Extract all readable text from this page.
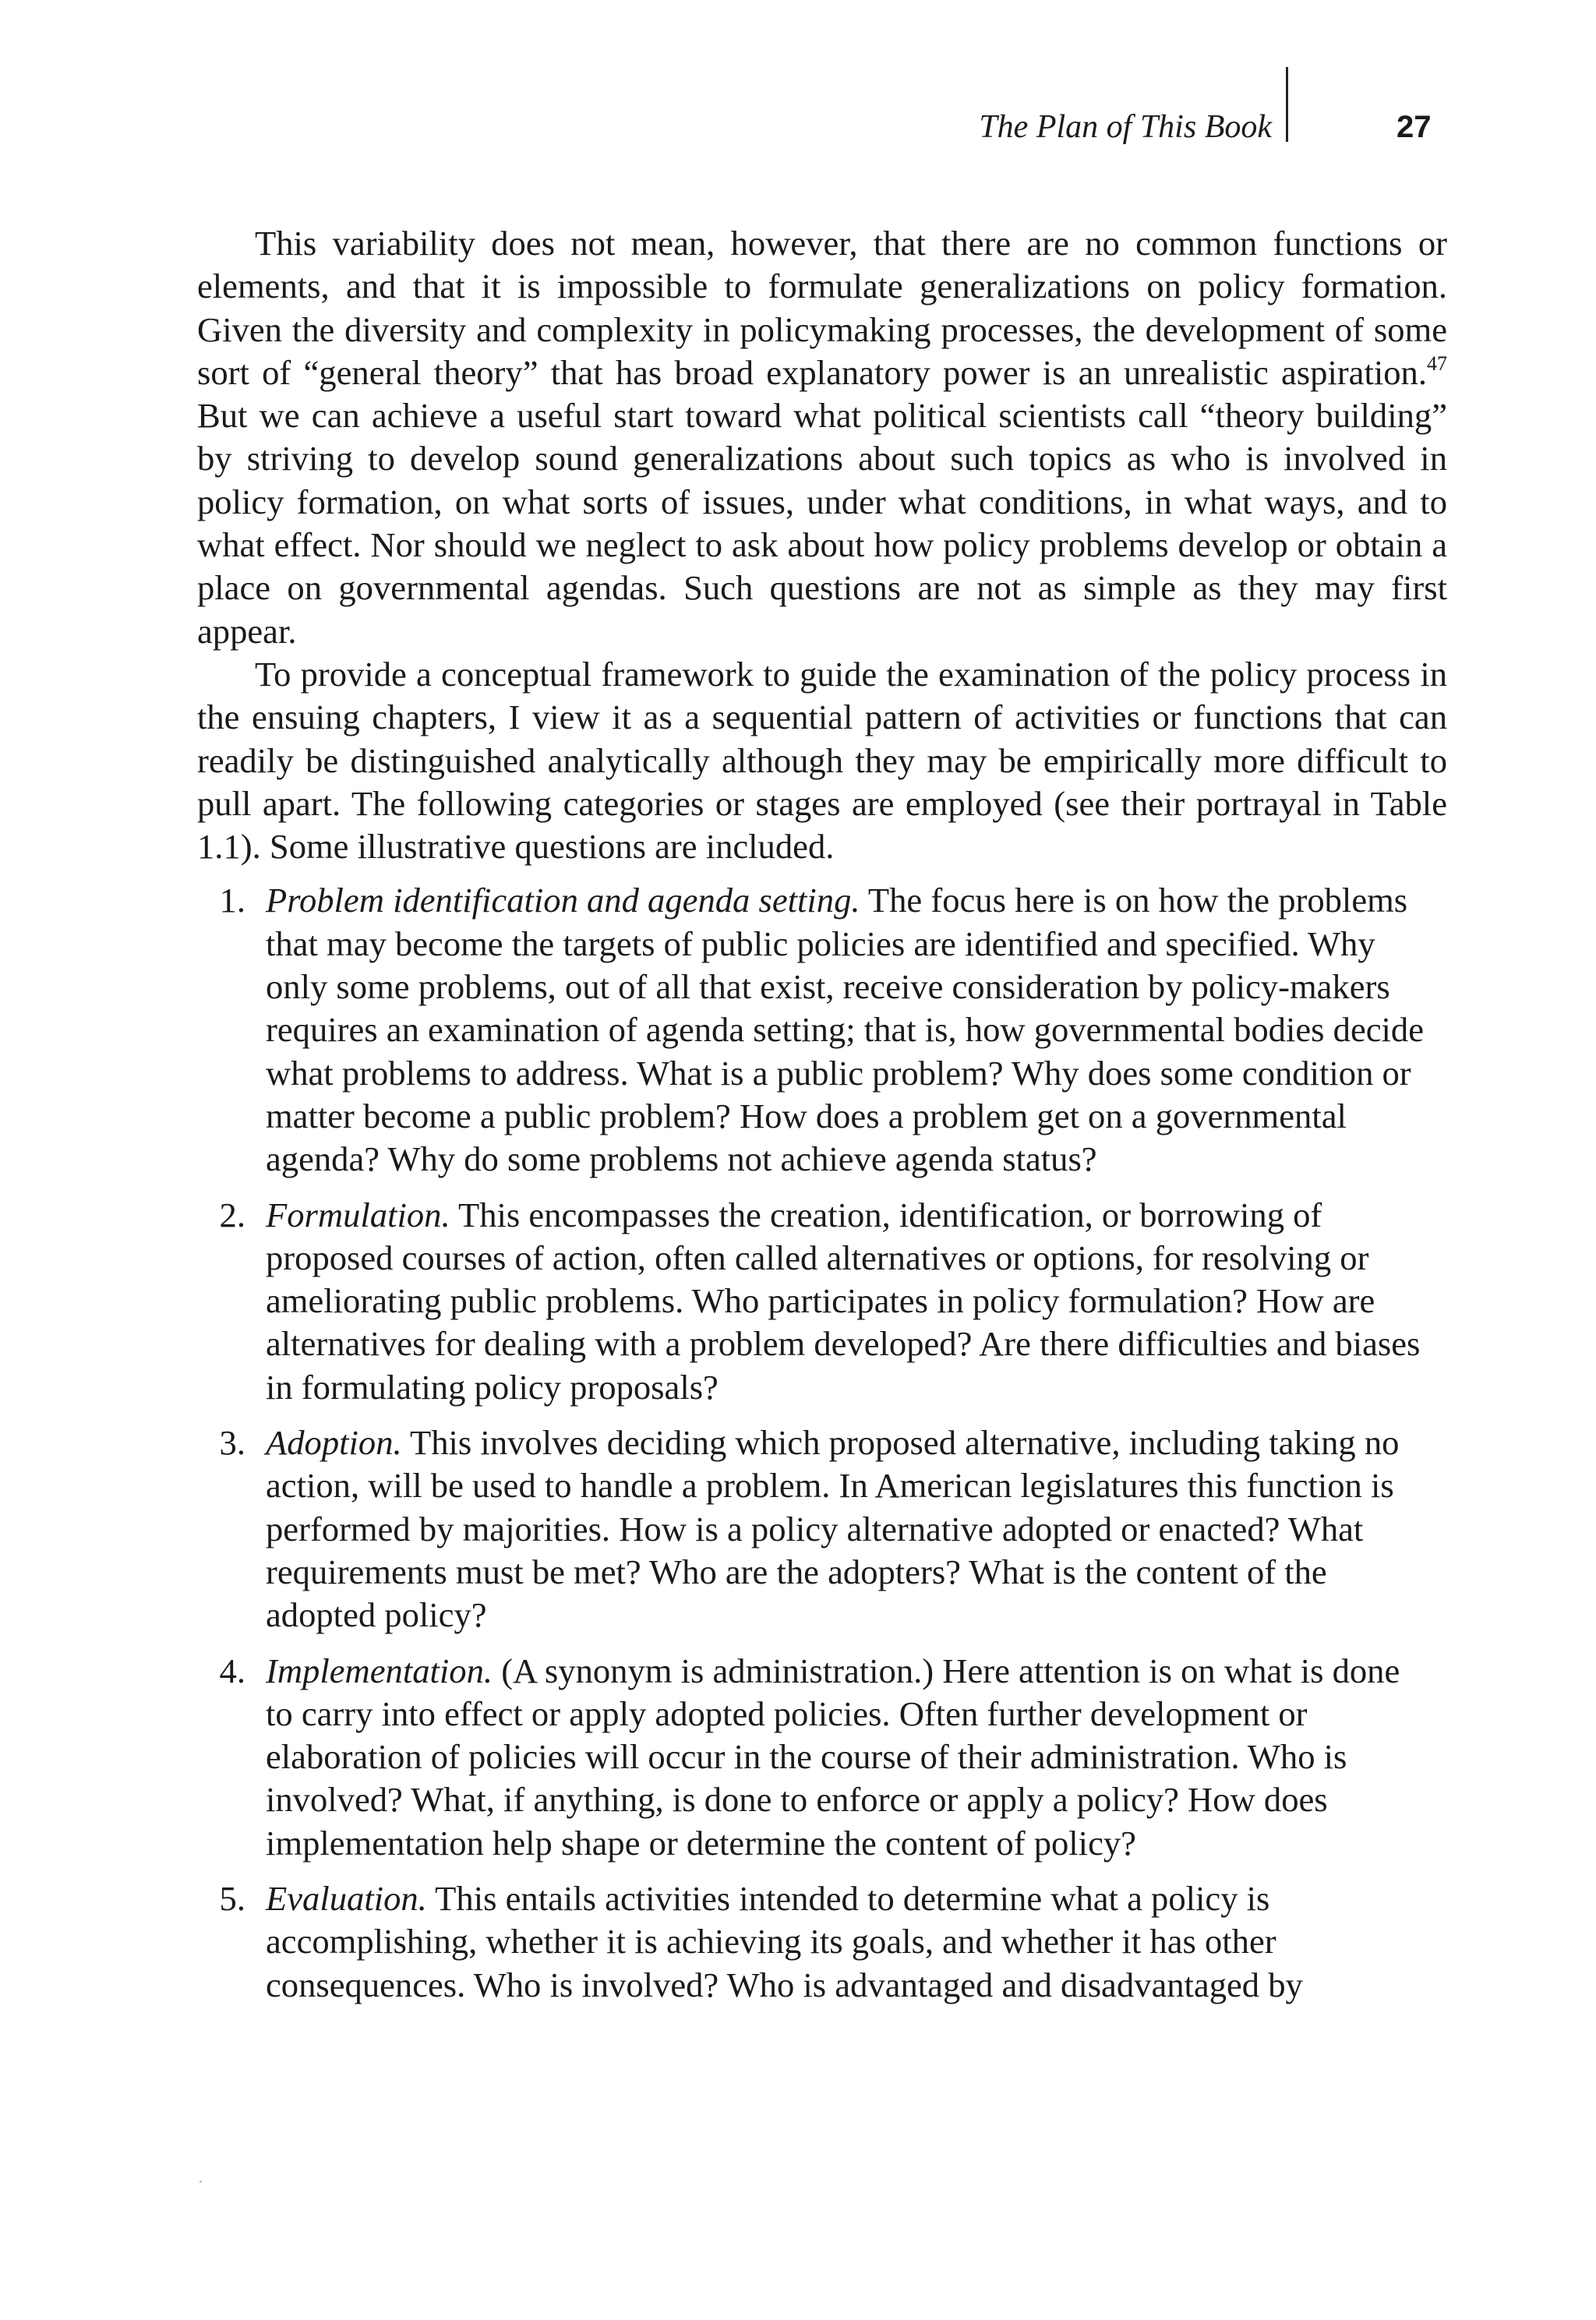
The Plan of This Book	27

This variability does not mean, however, that there are no common functions or elements, and that it is impossible to formulate generalizations on policy formation. Given the diversity and complexity in policymaking processes, the development of some sort of “general theory” that has broad explanatory power is an unrealistic aspiration.$^{47}$ But we can achieve a useful start toward what political scientists call “theory building” by striving to develop sound generalizations about such topics as who is involved in policy formation, on what sorts of issues, under what conditions, in what ways, and to what effect. Nor should we neglect to ask about how policy problems develop or obtain a place on governmental agendas. Such questions are not as simple as they may first appear.

To provide a conceptual framework to guide the examination of the policy process in the ensuing chapters, I view it as a sequential pattern of activities or functions that can readily be distinguished analytically although they may be empirically more difficult to pull apart. The following categories or stages are employed (see their portrayal in Table 1.1). Some illustrative questions are included.

1. Problem identification and agenda setting. The focus here is on how the problems that may become the targets of public policies are identified and specified. Why only some problems, out of all that exist, receive consideration by policy-makers requires an examination of agenda setting; that is, how governmental bodies decide what problems to address. What is a public problem? Why does some condition or matter become a public problem? How does a problem get on a governmental agenda? Why do some problems not achieve agenda status?
2. Formulation. This encompasses the creation, identification, or borrowing of proposed courses of action, often called alternatives or options, for resolving or ameliorating public problems. Who participates in policy formulation? How are alternatives for dealing with a problem developed? Are there difficulties and biases in formulating policy proposals?
3. Adoption. This involves deciding which proposed alternative, including taking no action, will be used to handle a problem. In American legislatures this function is performed by majorities. How is a policy alternative adopted or enacted? What requirements must be met? Who are the adopters? What is the content of the adopted policy?
4. Implementation. (A synonym is administration.) Here attention is on what is done to carry into effect or apply adopted policies. Often further development or elaboration of policies will occur in the course of their administration. Who is involved? What, if anything, is done to enforce or apply a policy? How does implementation help shape or determine the content of policy?
5. Evaluation. This entails activities intended to determine what a policy is accomplishing, whether it is achieving its goals, and whether it has other consequences. Who is involved? Who is advantaged and disadvantaged by
